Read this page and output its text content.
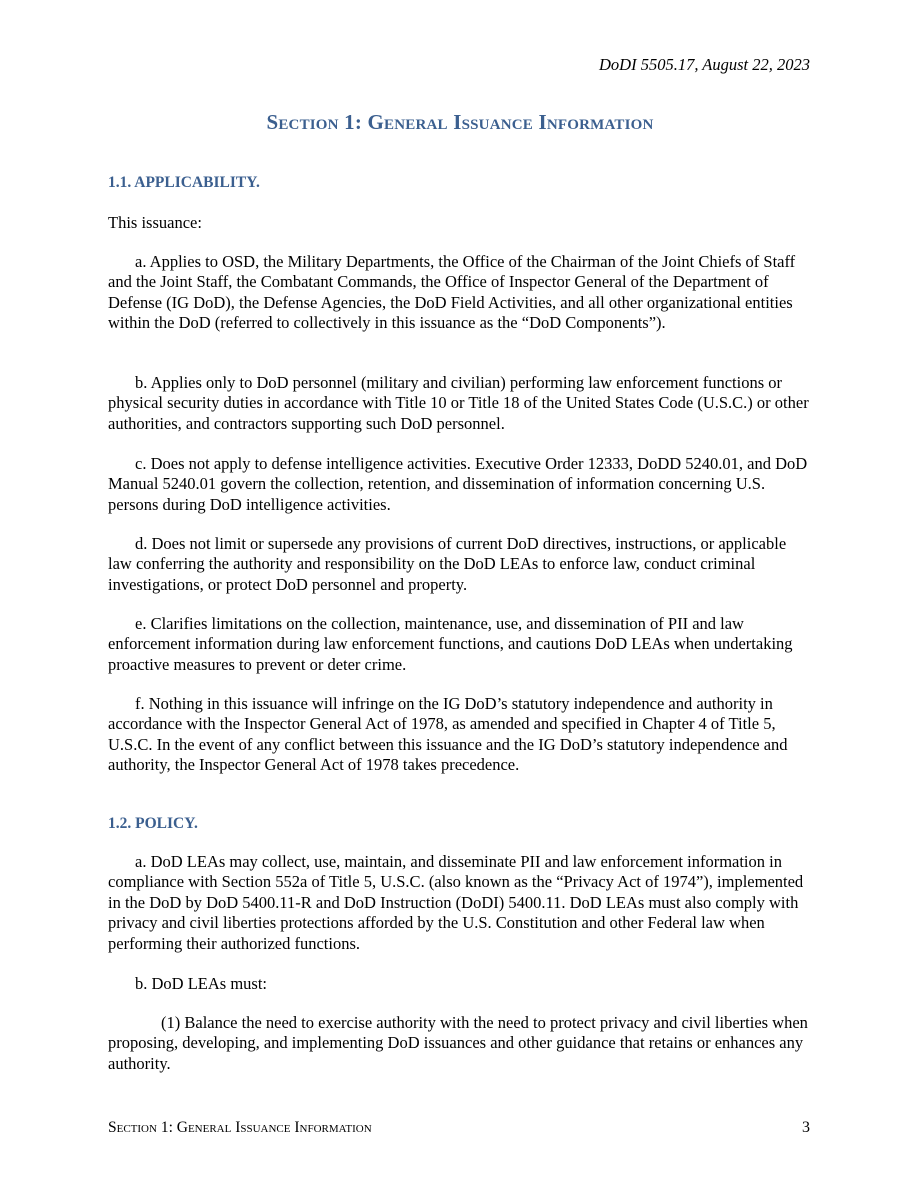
DoDI 5505.17, August 22, 2023
Section 1: General Issuance Information
1.1. APPLICABILITY.

This issuance:

a. Applies to OSD, the Military Departments, the Office of the Chairman of the Joint Chiefs of Staff and the Joint Staff, the Combatant Commands, the Office of Inspector General of the Department of Defense (IG DoD), the Defense Agencies, the DoD Field Activities, and all other organizational entities within the DoD (referred to collectively in this issuance as the “DoD Components”).

b. Applies only to DoD personnel (military and civilian) performing law enforcement functions or physical security duties in accordance with Title 10 or Title 18 of the United States Code (U.S.C.) or other authorities, and contractors supporting such DoD personnel.

c. Does not apply to defense intelligence activities. Executive Order 12333, DoDD 5240.01, and DoD Manual 5240.01 govern the collection, retention, and dissemination of information concerning U.S. persons during DoD intelligence activities.

d. Does not limit or supersede any provisions of current DoD directives, instructions, or applicable law conferring the authority and responsibility on the DoD LEAs to enforce law, conduct criminal investigations, or protect DoD personnel and property.

e. Clarifies limitations on the collection, maintenance, use, and dissemination of PII and law enforcement information during law enforcement functions, and cautions DoD LEAs when undertaking proactive measures to prevent or deter crime.

f. Nothing in this issuance will infringe on the IG DoD’s statutory independence and authority in accordance with the Inspector General Act of 1978, as amended and specified in Chapter 4 of Title 5, U.S.C. In the event of any conflict between this issuance and the IG DoD’s statutory independence and authority, the Inspector General Act of 1978 takes precedence.

1.2. POLICY.

a. DoD LEAs may collect, use, maintain, and disseminate PII and law enforcement information in compliance with Section 552a of Title 5, U.S.C. (also known as the “Privacy Act of 1974”), implemented in the DoD by DoD 5400.11-R and DoD Instruction (DoDI) 5400.11. DoD LEAs must also comply with privacy and civil liberties protections afforded by the U.S. Constitution and other Federal law when performing their authorized functions.

b. DoD LEAs must:

(1) Balance the need to exercise authority with the need to protect privacy and civil liberties when proposing, developing, and implementing DoD issuances and other guidance that retains or enhances any authority.

Section 1: General Issuance Information	3
